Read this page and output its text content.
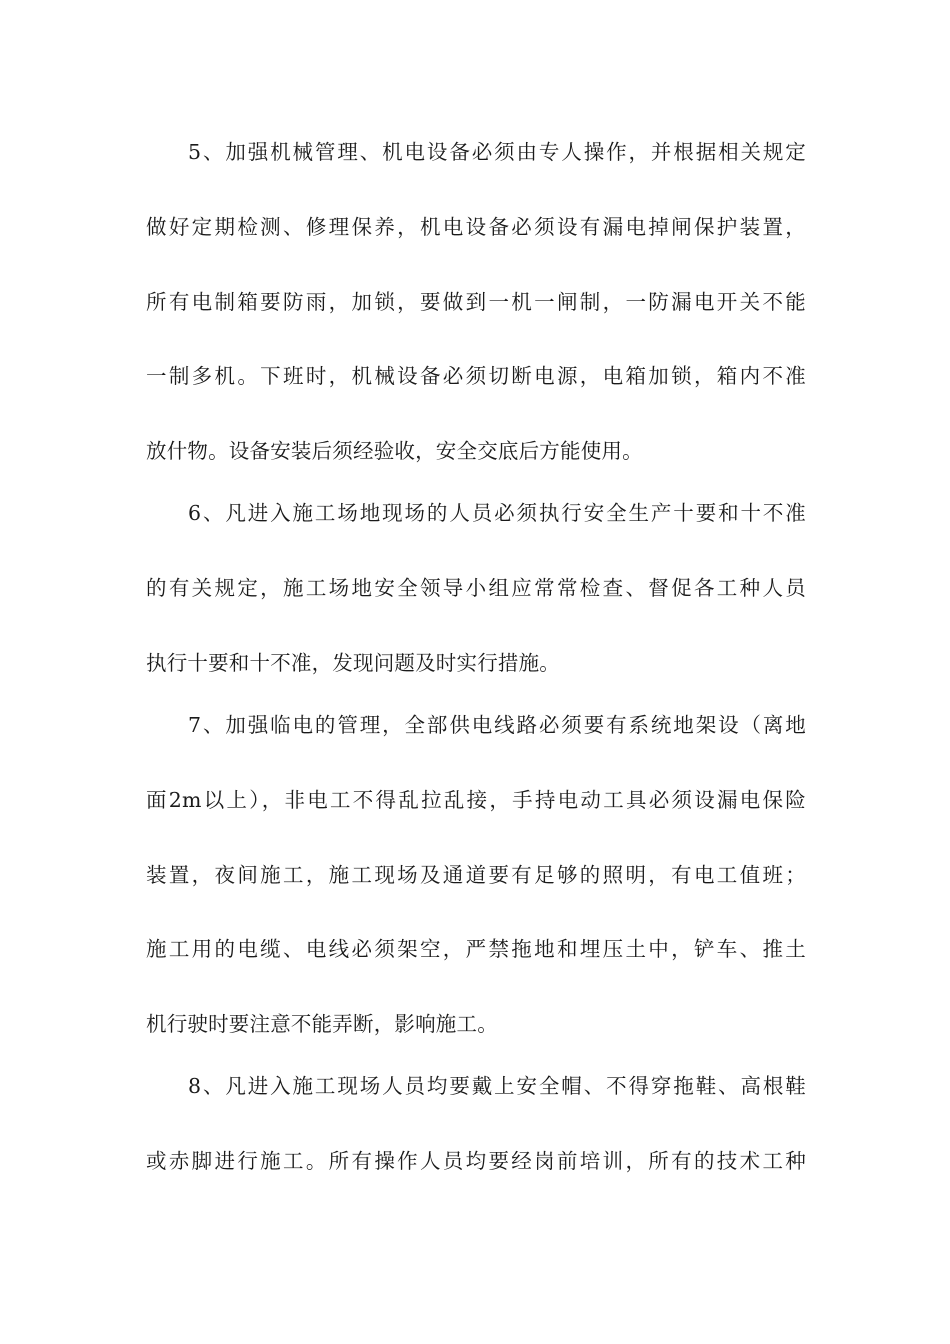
5、加强机械管理、机电设备必须由专人操作，并根据相关规定
做好定期检测、修理保养，机电设备必须设有漏电掉闸保护装置，
所有电制箱要防雨，加锁，要做到一机一闸制，一防漏电开关不能
一制多机。下班时，机械设备必须切断电源，电箱加锁，箱内不准
放什物。设备安装后须经验收，安全交底后方能使用。
6、凡进入施工场地现场的人员必须执行安全生产十要和十不准
的有关规定，施工场地安全领导小组应常常检查、督促各工种人员
执行十要和十不准，发现问题及时实行措施。
7、加强临电的管理，全部供电线路必须要有系统地架设（离地
面2m以上），非电工不得乱拉乱接，手持电动工具必须设漏电保险
装置，夜间施工，施工现场及通道要有足够的照明，有电工值班；
施工用的电缆、电线必须架空，严禁拖地和埋压土中，铲车、推土
机行驶时要注意不能弄断，影响施工。
8、凡进入施工现场人员均要戴上安全帽、不得穿拖鞋、高根鞋
或赤脚进行施工。所有操作人员均要经岗前培训，所有的技术工种
